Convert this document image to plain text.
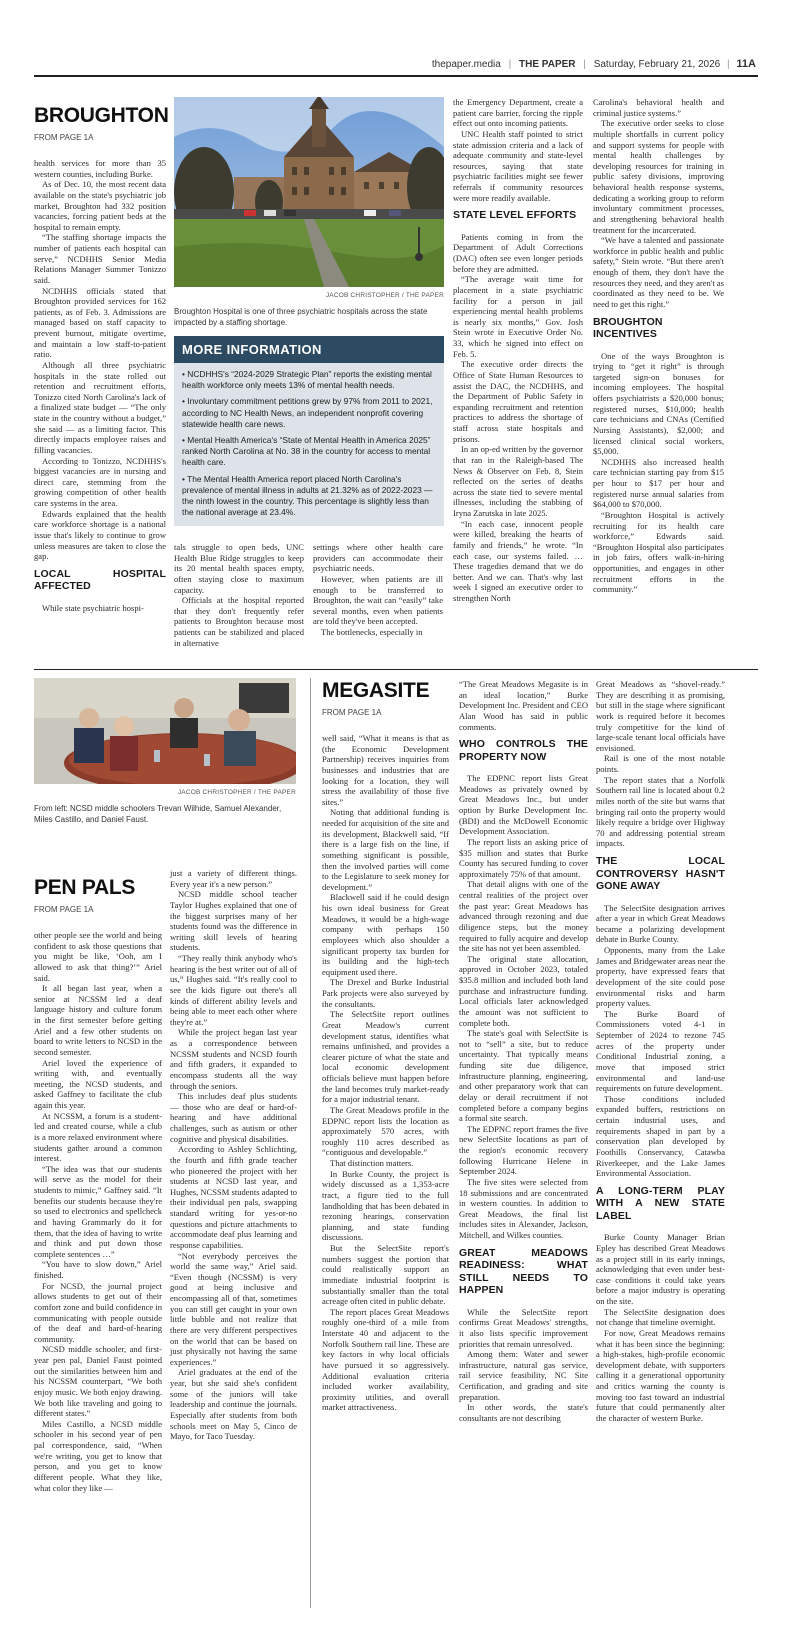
thepaper.media | THE PAPER | Saturday, February 21, 2026 | 11A
BROUGHTON
FROM PAGE 1A

health services for more than 35 western counties, including Burke.

As of Dec. 10, the most recent data available on the state's psychiatric job market, Broughton had 332 position vacancies, forcing patient beds at the hospital to remain empty.

“The staffing shortage impacts the number of patients each hospital can serve,” NCDHHS Senior Media Relations Manager Summer Tonizzo said.

NCDHHS officials stated that Broughton provided services for 162 patients, as of Feb. 3. Admissions are managed based on staff capacity to prevent burnout, mitigate overtime, and maintain a low staff-to-patient ratio.

Although all three psychiatric hospitals in the state rolled out retention and recruitment efforts, Tonizzo cited North Carolina's lack of a finalized state budget — “The only state in the country without a budget,” she said — as a limiting factor. This directly impacts employee raises and filling vacancies.

According to Tonizzo, NCDHHS's biggest vacancies are in nursing and direct care, stemming from the growing competition of other health care systems in the area.

Edwards explained that the health care workforce shortage is a national issue that's likely to continue to grow unless measures are taken to close the gap.

LOCAL HOSPITAL AFFECTED

While state psychiatric hospi-

JACOB CHRISTOPHER / THE PAPER
Broughton Hospital is one of three psychiatric hospitals across the state impacted by a staffing shortage.
MORE INFORMATION
• NCDHHS's “2024-2029 Strategic Plan” reports the existing mental health workforce only meets 13% of mental health needs.
• Involuntary commitment petitions grew by 97% from 2011 to 2021, according to NC Health News, an independent nonprofit covering statewide health care news.
• Mental Health America's “State of Mental Health in America 2025” ranked North Carolina at No. 38 in the country for access to mental health care.
• The Mental Health America report placed North Carolina's prevalence of mental illness in adults at 21.32% as of 2022-2023 — the ninth lowest in the country. This percentage is slightly less than the national average at 23.4%.

tals struggle to open beds, UNC Health Blue Ridge struggles to keep its 20 mental health spaces empty, often staying close to maximum capacity.

Officials at the hospital reported that they don't frequently refer patients to Broughton because most patients can be stabilized and placed in alternative

settings where other health care providers can accommodate their psychiatric needs.

However, when patients are ill enough to be transferred to Broughton, the wait can “easily” take several months, even when patients are told they've been accepted.

The bottlenecks, especially in

the Emergency Department, create a patient care barrier, forcing the ripple effect out onto incoming patients.

UNC Health staff pointed to strict state admission criteria and a lack of adequate community and state-level resources, saying that state psychiatric facilities might see fewer referrals if community resources were more readily available.

STATE LEVEL EFFORTS

Patients coming in from the Department of Adult Corrections (DAC) often see even longer periods before they are admitted.

“The average wait time for placement in a state psychiatric facility for a person in jail experiencing mental health problems is nearly six months,” Gov. Josh Stein wrote in Executive Order No. 33, which he signed into effect on Feb. 5.

The executive order directs the Office of State Human Resources to assist the DAC, the NCDHHS, and the Department of Public Safety in expanding recruitment and retention practices to address the shortage of staff across state hospitals and prisons.

In an op-ed written by the governor that ran in the Raleigh-based The News & Observer on Feb. 8, Stein reflected on the series of deaths across the state tied to severe mental illnesses, including the stabbing of Iryna Zarutska in late 2025.

“In each case, innocent people were killed, breaking the hearts of family and friends,” he wrote. “In each case, our systems failed. … These tragedies demand that we do better. And we can. That's why last week I signed an executive order to strengthen North

Carolina's behavioral health and criminal justice systems.”

The executive order seeks to close multiple shortfalls in current policy and support systems for people with mental health challenges by developing resources for training in public safety divisions, improving behavioral health response systems, dedicating a working group to reform involuntary commitment processes, and strengthening behavioral health treatment for the incarcerated.

“We have a talented and passionate workforce in public health and public safety,” Stein wrote. “But there aren't enough of them, they don't have the resources they need, and they aren't as coordinated as they need to be. We need to get this right.”

BROUGHTON INCENTIVES

One of the ways Broughton is trying to “get it right” is through targeted sign-on bonuses for incoming employees. The hospital offers psychiatrists a $20,000 bonus; registered nurses, $10,000; health care technicians and CNAs (Certified Nursing Assistants), $2,000; and licensed clinical social workers, $5,000.

NCDHHS also increased health care technician starting pay from $15 per hour to $17 per hour and registered nurse annual salaries from $64,000 to $70,000.

“Broughton Hospital is actively recruiting for its health care workforce,” Edwards said. “Broughton Hospital also participates in job fairs, offers walk-in-hiring opportunities, and engages in other recruitment efforts in the community.”

JACOB CHRISTOPHER / THE PAPER
From left: NCSD middle schoolers Trevan Wilhide, Samuel Alexander, Miles Castillo, and Daniel Faust.
PEN PALS
FROM PAGE 1A

other people see the world and being confident to ask those questions that you might be like, ‘Ooh, am I allowed to ask that thing?’” Ariel said.

It all began last year, when a senior at NCSSM led a deaf language history and culture forum in the first semester before getting Ariel and a few other students on board to write letters to NCSD in the second semester.

Ariel loved the experience of writing with, and eventually meeting, the NCSD students, and asked Gaffney to facilitate the club again this year.

At NCSSM, a forum is a student-led and created course, while a club is a more relaxed environment where students gather around a common interest.

“The idea was that our students will serve as the model for their students to mimic,” Gaffney said. “It benefits our students because they're so used to electronics and spellcheck and having Grammarly do it for them, that the idea of having to write and think and put down those complete sentences …”

“You have to slow down,” Ariel finished.

For NCSD, the journal project allows students to get out of their comfort zone and build confidence in communicating with people outside of the deaf and hard-of-hearing community.

NCSD middle schooler, and first-year pen pal, Daniel Faust pointed out the similarities between him and his NCSSM counterpart, “We both enjoy music. We both enjoy drawing. We both like traveling and going to different states.”

Miles Castillo, a NCSD middle schooler in his second year of pen pal correspondence, said, “When we're writing, you get to know that person, and you get to know different people. What they like, what color they like —

just a variety of different things. Every year it's a new person.”

NCSD middle school teacher Taylor Hughes explained that one of the biggest surprises many of her students found was the difference in writing skill levels of hearing students.

“They really think anybody who's hearing is the best writer out of all of us,” Hughes said. “It's really cool to see the kids figure out there's all kinds of different ability levels and being able to meet each other where they're at.”

While the project began last year as a correspondence between NCSSM students and NCSD fourth and fifth graders, it expanded to encompass students all the way through the seniors.

This includes deaf plus students — those who are deaf or hard-of-hearing and have additional challenges, such as autism or other cognitive and physical disabilities.

According to Ashley Schlichting, the fourth and fifth grade teacher who pioneered the project with her students at NCSD last year, and Hughes, NCSSM students adapted to their individual pen pals, swapping standard writing for yes-or-no questions and picture attachments to accommodate deaf plus learning and response capabilities.

“Not everybody perceives the world the same way,” Ariel said. “Even though (NCSSM) is very good at being inclusive and encompassing all of that, sometimes you can still get caught in your own little bubble and not realize that there are very different perspectives on the world that can be based on just physically not having the same experiences.”

Ariel graduates at the end of the year, but she said she's confident some of the juniors will take leadership and continue the journals. Especially after students from both schools meet on May 5, Cinco de Mayo, for Taco Tuesday.

MEGASITE
FROM PAGE 1A

well said, “What it means is that as (the Economic Development Partnership) receives inquiries from businesses and industries that are looking for a location, they will stress the availability of those five sites.”

Noting that additional funding is needed for acquisition of the site and its development, Blackwell said, “If there is a large fish on the line, if something significant is possible, then the involved parties will come to the Legislature to seek money for development.”

Blackwell said if he could design his own ideal business for Great Meadows, it would be a high-wage company with perhaps 150 employees which also shoulder a significant property tax burden for its building and the high-tech equipment used there.

The Drexel and Burke Industrial Park projects were also surveyed by the consultants.

The SelectSite report outlines Great Meadow's current development status, identifies what remains unfinished, and provides a clearer picture of what the state and local economic development officials believe must happen before the land becomes truly market-ready for a major industrial tenant.

The Great Meadows profile in the EDPNC report lists the location as approximately 570 acres, with roughly 110 acres described as “contiguous and developable.”

That distinction matters.

In Burke County, the project is widely discussed as a 1,353-acre tract, a figure tied to the full landholding that has been debated in rezoning hearings, conservation planning, and state funding discussions.

But the SelectSite report's numbers suggest the portion that could realistically support an immediate industrial footprint is substantially smaller than the total acreage often cited in public debate.

The report places Great Meadows roughly one-third of a mile from Interstate 40 and adjacent to the Norfolk Southern rail line. These are key factors in why local officials have pursued it so aggressively. Additional evaluation criteria included worker availability, proximity utilities, and overall market attractiveness.

“The Great Meadows Megasite is in an ideal location,” Burke Development Inc. President and CEO Alan Wood has said in public comments.

WHO CONTROLS THE PROPERTY NOW

The EDPNC report lists Great Meadows as privately owned by Great Meadows Inc., but under option by Burke Development Inc. (BDI) and the McDowell Economic Development Association.

The report lists an asking price of $35 million and states that Burke County has secured funding to cover approximately 75% of that amount.

That detail aligns with one of the central realities of the project over the past year: Great Meadows has advanced through rezoning and due diligence steps, but the money required to fully acquire and develop the site has not yet been assembled.

The original state allocation, approved in October 2023, totaled $35.8 million and included both land purchase and infrastructure funding. Local officials later acknowledged the amount was not sufficient to complete both.

The state's goal with SelectSite is not to “sell” a site, but to reduce uncertainty. That typically means funding site due diligence, infrastructure planning, engineering, and other preparatory work that can delay or derail recruitment if not completed before a company begins a formal site search.

The EDPNC report frames the five new SelectSite locations as part of the region's economic recovery following Hurricane Helene in September 2024.

The five sites were selected from 18 submissions and are concentrated in western counties. In addition to Great Meadows, the final list includes sites in Alexander, Jackson, Mitchell, and Wilkes counties.

GREAT MEADOWS READINESS: WHAT STILL NEEDS TO HAPPEN

While the SelectSite report confirms Great Meadows' strengths, it also lists specific improvement priorities that remain unresolved.

Among them: Water and sewer infrastructure, natural gas service, rail service feasibility, NC Site Certification, and grading and site preparation.

In other words, the state's consultants are not describing

Great Meadows as “shovel-ready.” They are describing it as promising, but still in the stage where significant work is required before it becomes truly competitive for the kind of large-scale tenant local officials have envisioned.

Rail is one of the most notable points.

The report states that a Norfolk Southern rail line is located about 0.2 miles north of the site but warns that bringing rail onto the property would likely require a bridge over Highway 70 and addressing potential stream impacts.

THE LOCAL CONTROVERSY HASN'T GONE AWAY

The SelectSite designation arrives after a year in which Great Meadows became a polarizing development debate in Burke County.

Opponents, many from the Lake James and Bridgewater areas near the property, have expressed fears that development of the site could pose environmental risks and harm property values.

The Burke Board of Commissioners voted 4-1 in September of 2024 to rezone 745 acres of the property under Conditional Industrial zoning, a move that imposed strict environmental and land-use requirements on future development.

Those conditions included expanded buffers, restrictions on certain industrial uses, and requirements shaped in part by a conservation plan developed by Foothills Conservancy, Catawba Riverkeeper, and the Lake James Environmental Association.

A LONG-TERM PLAY WITH A NEW STATE LABEL

Burke County Manager Brian Epley has described Great Meadows as a project still in its early innings, acknowledging that even under best-case conditions it could take years before a major industry is operating on the site.

The SelectSite designation does not change that timeline overnight.

For now, Great Meadows remains what it has been since the beginning: a high-stakes, high-profile economic development debate, with supporters calling it a generational opportunity and critics warning the county is moving too fast toward an industrial future that could permanently alter the character of western Burke.
